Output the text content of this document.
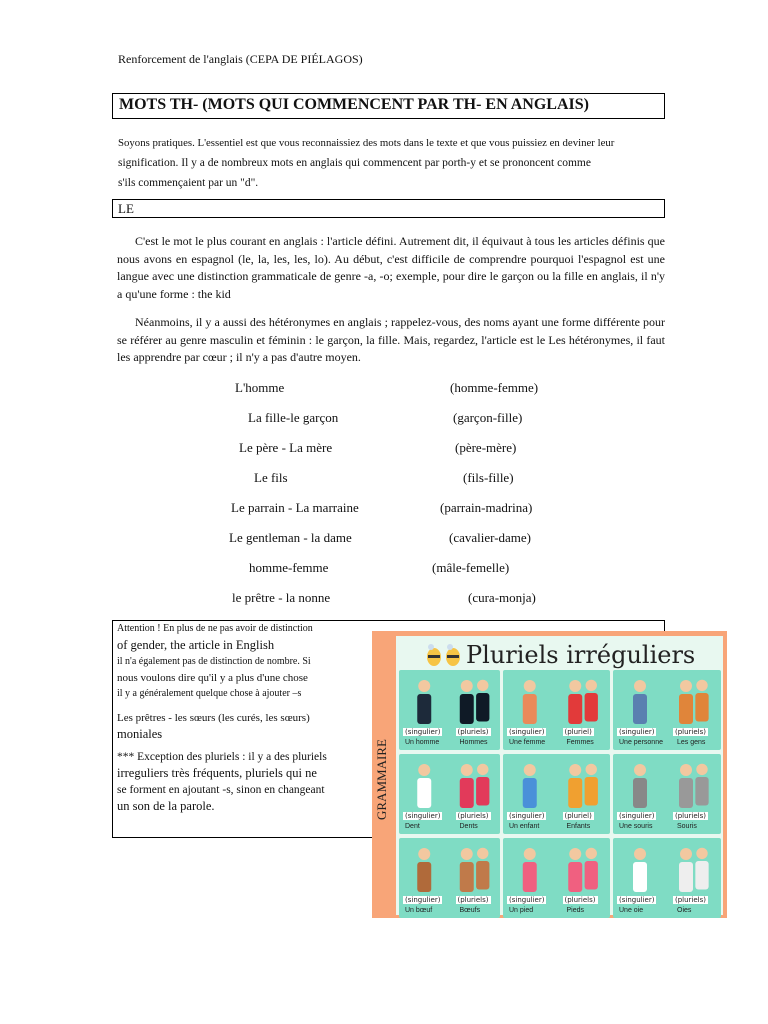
Renforcement de l'anglais (CEPA DE PIÉLAGOS)
MOTS TH- (MOTS QUI COMMENCENT PAR TH- EN ANGLAIS)
Soyons pratiques. L'essentiel est que vous reconnaissiez des mots dans le texte et que vous puissiez en deviner leur
signification. Il y a de nombreux mots en anglais qui commencent par porth-y et se prononcent comme
s'ils commençaient par un "d".
LE
C'est le mot le plus courant en anglais : l'article défini. Autrement dit, il équivaut à tous les articles définis que nous avons en espagnol (le, la, les, les, lo). Au début, c'est difficile de comprendre pourquoi l'espagnol est une langue avec une distinction grammaticale de genre -a, -o; exemple, pour dire le garçon ou la fille en anglais, il n'y a qu'une forme : the kid
Néanmoins, il y a aussi des hétéronymes en anglais ; rappelez-vous, des noms ayant une forme différente pour se référer au genre masculin et féminin : le garçon, la fille. Mais, regardez, l'article est le Les hétéronymes, il faut les apprendre par cœur ; il n'y a pas d'autre moyen.
L'homme	(homme-femme)
La fille-le garçon	(garçon-fille)
Le père - La mère	(père-mère)
Le fils	(fils-fille)
Le parrain - La marraine	(parrain-madrina)
Le gentleman - la dame	(cavalier-dame)
homme-femme	(mâle-femelle)
le prêtre - la nonne	(cura-monja)
Attention ! En plus de ne pas avoir de distinction
of gender, the article in English
il n'a également pas de distinction de nombre. Si
nous voulons dire qu'il y a plus d'une chose
il y a généralement quelque chose à ajouter –s
Les prêtres - les sœurs (les curés, les sœurs)
moniales
*** Exception des pluriels : il y a des pluriels
irreguliers très fréquents, pluriels qui ne
se forment en ajoutant -s, sinon en changeant
un son de la parole.
Pluriels irréguliers
GRAMMAIRE
(singulier) (pluriels)
Un homme	Hommes
(singulier)	(pluriel)
Une femme	Femmes
(singulier)	(pluriels)
Une personne Les gens
(singulier) (pluriels)
Dent	Dents
(singulier)	(pluriel)
Un enfant	Enfants
(singulier)	(pluriels)
Une souris	Souris
(singulier) (pluriels)
Un bœuf	Bœufs
(singulier)	(pluriels)
Un pied	Pieds
(singulier)	(pluriels)
Une oie	Oies
